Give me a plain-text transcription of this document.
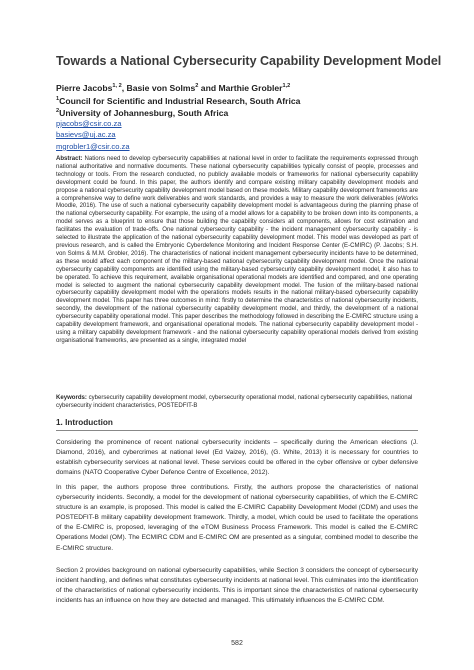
Towards a National Cybersecurity Capability Development Model
Pierre Jacobs$^{1, 2}$, Basie von Solms$^2$ and Marthie Grobler$^{1,2}$
$^1$Council for Scientific and Industrial Research, South Africa
$^2$University of Johannesburg, South Africa
pjacobs@csir.co.za
basievs@uj.ac.za
mgrobler1@csir.co.za
Abstract: Nations need to develop cybersecurity capabilities at national level in order to facilitate the requirements expressed through national authoritative and normative documents. These national cybersecurity capabilities typically consist of people, processes and technology or tools. From the research conducted, no publicly available models or frameworks for national cybersecurity capability development could be found. In this paper, the authors identify and compare existing military capability development models and propose a national cybersecurity capability development model based on these models. Military capability development frameworks are a comprehensive way to define work deliverables and work standards, and provides a way to measure the work deliverables (eWorks Moodle, 2016). The use of such a national cybersecurity capability development model is advantageous during the planning phase of the national cybersecurity capability. For example, the using of a model allows for a capability to be broken down into its components, a model serves as a blueprint to ensure that those building the capability considers all components, allows for cost estimation and facilitates the evaluation of trade-offs. One national cybersecurity capability - the incident management cybersecurity capability - is selected to illustrate the application of the national cybersecurity capability development model. This model was developed as part of previous research, and is called the Embryonic Cyberdefence Monitoring and Incident Response Center (E-CMIRC) (P. Jacobs; S.H. von Solms & M.M. Grobler, 2016). The characteristics of national incident management cybersecurity incidents have to be determined, as these would affect each component of the military-based national cybersecurity capability development model. Once the national cybersecurity capability components are identified using the military-based cybersecurity capability development model, it also has to be operated. To achieve this requirement, available organisational operational models are identified and compared, and one operating model is selected to augment the national cybersecurity capability development model. The fusion of the military-based national cybersecurity capability development model with the operations models results in the national military-based cybersecurity capability development model. This paper has three outcomes in mind: firstly to determine the characteristics of national cybersecurity incidents, secondly, the development of the national cybersecurity capability development model, and thirdly, the development of a national cybersecurity capability operational model. This paper describes the methodology followed in describing the E-CMIRC structure using a capability development framework, and organisational operational models. The national cybersecurity capability development model - using a military capability development framework - and the national cybersecurity capability operational models derived from existing organisational frameworks, are presented as a single, integrated model
Keywords: cybersecurity capability development model, cybersecurity operational model, national cybersecurity capabilities, national cybersecurity incident characteristics, POSTEDFIT-B
1. Introduction
Considering the prominence of recent national cybersecurity incidents – specifically during the American elections (J. Diamond, 2016), and cybercrimes at national level (Ed Vaizey, 2016), (G. White, 2013) it is necessary for countries to establish cybersecurity services at national level. These services could be offered in the cyber offensive or cyber defensive domains (NATO Cooperative Cyber Defence Centre of Excellence, 2012).
In this paper, the authors propose three contributions. Firstly, the authors propose the characteristics of national cybersecurity incidents. Secondly, a model for the development of national cybersecurity capabilities, of which the E-CMIRC structure is an example, is proposed. This model is called the E-CMIRC Capability Development Model (CDM) and uses the POSTEDFIT-B military capability development framework. Thirdly, a model, which could be used to facilitate the operations of the E-CMIRC is, proposed, leveraging of the eTOM Business Process Framework. This model is called the E-CMIRC Operations Model (OM). The ECMIRC CDM and E-CMIRC OM are presented as a singular, combined model to describe the E-CMIRC structure.
Section 2 provides background on national cybersecurity capabilities, while Section 3 considers the concept of cybersecurity incident handling, and defines what constitutes cybersecurity incidents at national level. This culminates into the identification of the characteristics of national cybersecurity incidents. This is important since the characteristics of national cybersecurity incidents has an influence on how they are detected and managed. This ultimately influences the E-CMIRC CDM.
582
